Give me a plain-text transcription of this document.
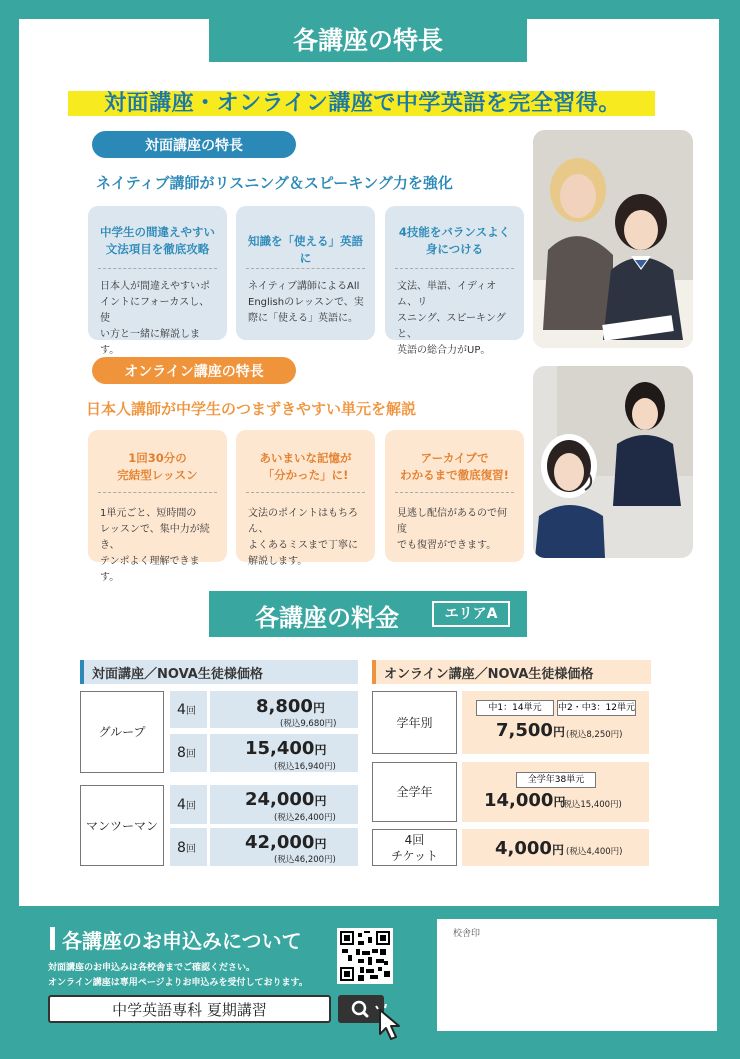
各講座の特長
対面講座・オンライン講座で中学英語を完全習得。
対面講座の特長
ネイティブ講師がリスニング＆スピーキング力を強化
中学生の間違えやすい
文法項目を徹底攻略
日本人が間違えやすいポ
イントにフォーカスし、使
い方と一緒に解説します。
知識を「使える」英語に
ネイティブ講師によるAll
Englishのレッスンで、実
際に「使える」英語に。
4技能をバランスよく
身につける
文法、単語、イディオム、リ
スニング、スピーキングと、
英語の総合力がUP。
オンライン講座の特長
日本人講師が中学生のつまずきやすい単元を解説
1回30分の
完結型レッスン
1単元ごと、短時間の
レッスンで、集中力が続き、
テンポよく理解できます。
あいまいな記憶が
「分かった」に!
文法のポイントはもちろん、
よくあるミスまで丁寧に
解説します。
アーカイブで
わかるまで徹底復習!
見逃し配信があるので何度
でも復習ができます。
各講座の料金	エリアA
対面講座／NOVA生徒様価格
グループ
4回	8,800円
(税込9,680円)
8回	15,400円
(税込16,940円)
マンツーマン
4回	24,000円
(税込26,400円)
8回	42,000円
(税込46,200円)
オンライン講座／NOVA生徒様価格
学年別
中1：14単元	中2・中3：12単元
7,500円 (税込8,250円)
全学年
全学年38単元
14,000円
(税込15,400円)
4回
チケット	4,000円 (税込4,400円)
各講座のお申込みについて
対面講座のお申込みは各校舎までご確認ください。
オンライン講座は専用ページよりお申込みを受付しております。
中学英語専科 夏期講習
校舎印
